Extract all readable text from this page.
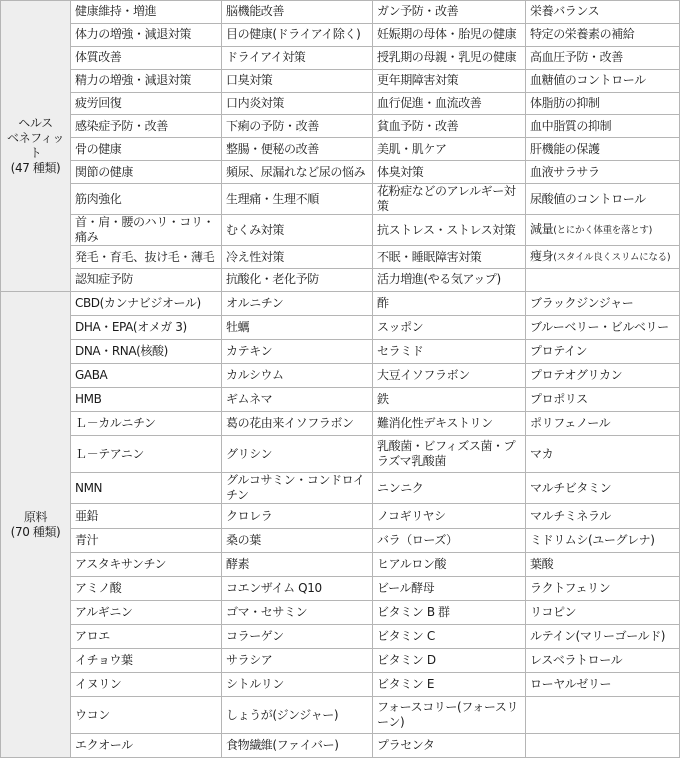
ヘルス
ベネフィット
(47 種類)	健康維持・増進	脳機能改善	ガン予防・改善	栄養バランス
	体力の増強・減退対策	目の健康(ドライアイ除く)	妊娠期の母体・胎児の健康	特定の栄養素の補給
	体質改善	ドライアイ対策	授乳期の母親・乳児の健康	高血圧予防・改善
	精力の増強・減退対策	口臭対策	更年期障害対策	血糖値のコントロール
	疲労回復	口内炎対策	血行促進・血流改善	体脂肪の抑制
	感染症予防・改善	下痢の予防・改善	貧血予防・改善	血中脂質の抑制
	骨の健康	整腸・便秘の改善	美肌・肌ケア	肝機能の保護
	関節の健康	頻尿、尿漏れなど尿の悩み	体臭対策	血液サラサラ
	筋肉強化	生理痛・生理不順	花粉症などのアレルギー対策	尿酸値のコントロール
	首・肩・腰のハリ・コリ・痛み	むくみ対策	抗ストレス・ストレス対策	減量(とにかく体重を落とす)
	発毛・育毛、抜け毛・薄毛	冷え性対策	不眠・睡眠障害対策	痩身(スタイル良くスリムになる)
	認知症予防	抗酸化・老化予防	活力増進(やる気アップ)	
原料
(70 種類)	CBD(カンナビジオール)	オルニチン	酢	ブラックジンジャー
	DHA・EPA(オメガ 3)	牡蠣	スッポン	ブルーベリー・ビルベリー
	DNA・RNA(核酸)	カテキン	セラミド	プロテイン
	GABA	カルシウム	大豆イソフラボン	プロテオグリカン
	HMB	ギムネマ	鉄	プロポリス
	Ｌ－カルニチン	葛の花由来イソフラボン	難消化性デキストリン	ポリフェノール
	Ｌ－テアニン	グリシン	乳酸菌・ビフィズス菌・プラズマ乳酸菌	マカ
	NMN	グルコサミン・コンドロイチン	ニンニク	マルチビタミン
	亜鉛	クロレラ	ノコギリヤシ	マルチミネラル
	青汁	桑の葉	バラ（ローズ）	ミドリムシ(ユーグレナ)
	アスタキサンチン	酵素	ヒアルロン酸	葉酸
	アミノ酸	コエンザイム Q10	ビール酵母	ラクトフェリン
	アルギニン	ゴマ・セサミン	ビタミン B 群	リコピン
	アロエ	コラーゲン	ビタミン C	ルテイン(マリーゴールド)
	イチョウ葉	サラシア	ビタミン D	レスベラトロール
	イヌリン	シトルリン	ビタミン E	ローヤルゼリー
	ウコン	しょうが(ジンジャー)	フォースコリー(フォースリーン)	
	エクオール	食物繊維(ファイバー)	プラセンタ	
